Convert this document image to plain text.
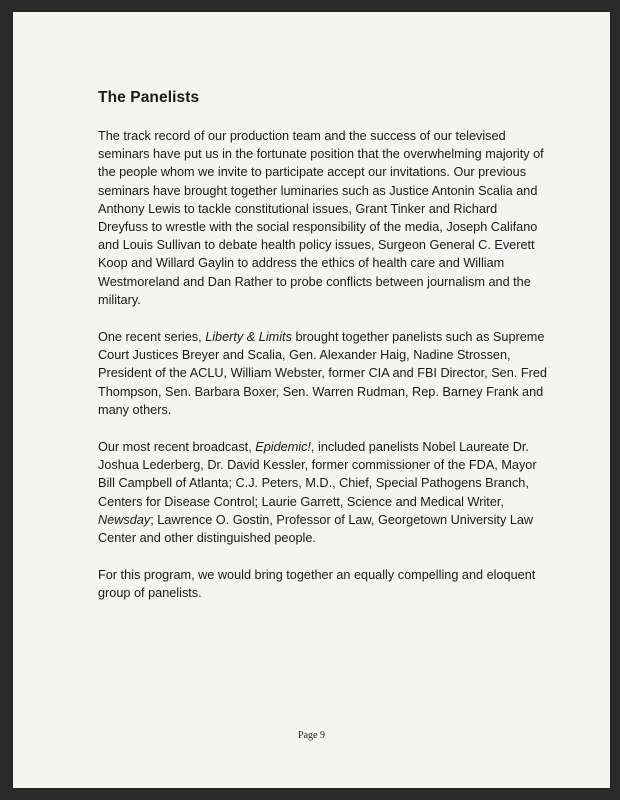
The Panelists

The track record of our production team and the success of our televised seminars have put us in the fortunate position that the overwhelming majority of the people whom we invite to participate accept our invitations. Our previous seminars have brought together luminaries such as Justice Antonin Scalia and Anthony Lewis to tackle constitutional issues, Grant Tinker and Richard Dreyfuss to wrestle with the social responsibility of the media, Joseph Califano and Louis Sullivan to debate health policy issues, Surgeon General C. Everett Koop and Willard Gaylin to address the ethics of health care and William Westmoreland and Dan Rather to probe conflicts between journalism and the military.

One recent series, Liberty & Limits brought together panelists such as Supreme Court Justices Breyer and Scalia, Gen. Alexander Haig, Nadine Strossen, President of the ACLU, William Webster, former CIA and FBI Director, Sen. Fred Thompson, Sen. Barbara Boxer, Sen. Warren Rudman, Rep. Barney Frank and many others.

Our most recent broadcast, Epidemic!, included panelists Nobel Laureate Dr. Joshua Lederberg, Dr. David Kessler, former commissioner of the FDA, Mayor Bill Campbell of Atlanta; C.J. Peters, M.D., Chief, Special Pathogens Branch, Centers for Disease Control; Laurie Garrett, Science and Medical Writer, Newsday; Lawrence O. Gostin, Professor of Law, Georgetown University Law Center and other distinguished people.

For this program, we would bring together an equally compelling and eloquent group of panelists.

Page 9
